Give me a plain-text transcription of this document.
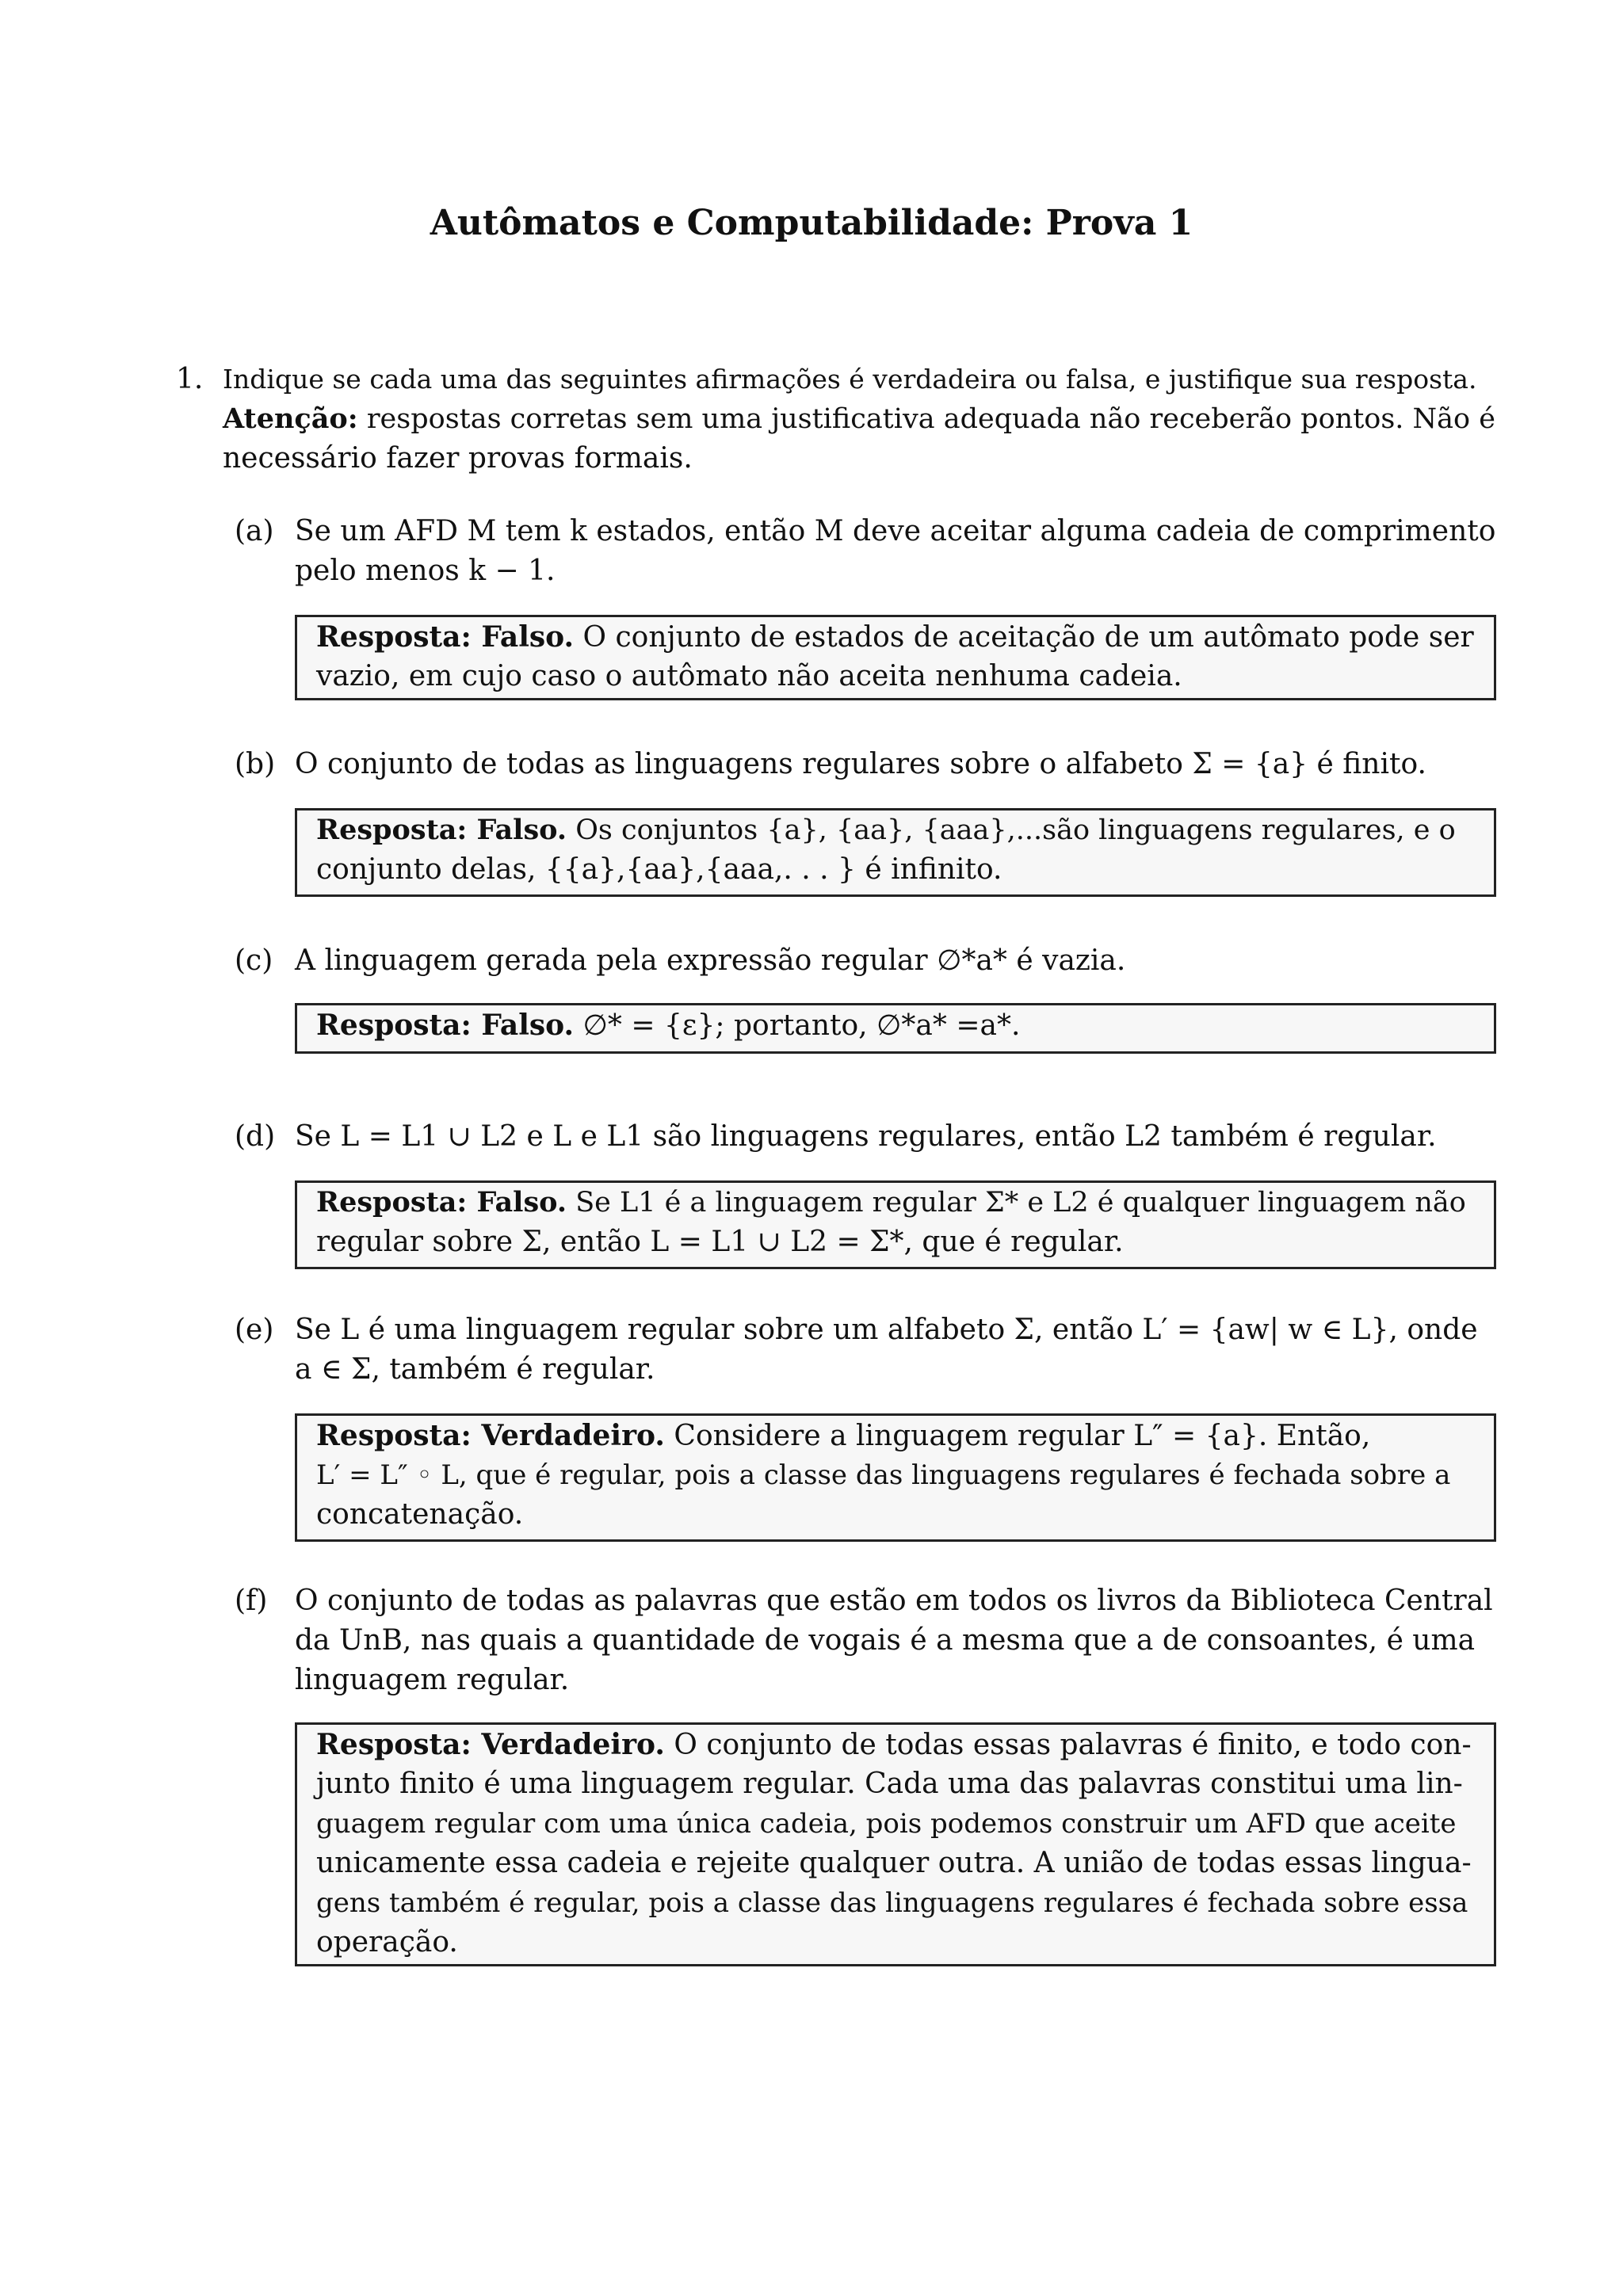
Autômatos e Computabilidade: Prova 1
1. Indique se cada uma das seguintes afirmações é verdadeira ou falsa, e justifique sua resposta.
Atenção: respostas corretas sem uma justificativa adequada não receberão pontos. Não é
necessário fazer provas formais.
(a) Se um AFD M tem k estados, então M deve aceitar alguma cadeia de comprimento
pelo menos k − 1.
Resposta: Falso. O conjunto de estados de aceitação de um autômato pode ser
vazio, em cujo caso o autômato não aceita nenhuma cadeia.
(b) O conjunto de todas as linguagens regulares sobre o alfabeto Σ = {a} é finito.
Resposta: Falso. Os conjuntos {a}, {aa}, {aaa},...são linguagens regulares, e o
conjunto delas, {{a},{aa},{aaa,. . . } é infinito.
(c) A linguagem gerada pela expressão regular ∅*a* é vazia.
Resposta: Falso. ∅* = {ε}; portanto, ∅*a* =a*.
(d) Se L = L1 ∪ L2 e L e L1 são linguagens regulares, então L2 também é regular.
Resposta: Falso. Se L1 é a linguagem regular Σ* e L2 é qualquer linguagem não
regular sobre Σ, então L = L1 ∪ L2 = Σ*, que é regular.
(e) Se L é uma linguagem regular sobre um alfabeto Σ, então L′ = {aw| w ∈ L}, onde
a ∈ Σ, também é regular.
Resposta: Verdadeiro. Considere a linguagem regular L″ = {a}. Então,
L′ = L″ ◦ L, que é regular, pois a classe das linguagens regulares é fechada sobre a
concatenação.
(f) O conjunto de todas as palavras que estão em todos os livros da Biblioteca Central
da UnB, nas quais a quantidade de vogais é a mesma que a de consoantes, é uma
linguagem regular.
Resposta: Verdadeiro. O conjunto de todas essas palavras é finito, e todo con-
junto finito é uma linguagem regular. Cada uma das palavras constitui uma lin-
guagem regular com uma única cadeia, pois podemos construir um AFD que aceite
unicamente essa cadeia e rejeite qualquer outra. A união de todas essas lingua-
gens também é regular, pois a classe das linguagens regulares é fechada sobre essa
operação.
